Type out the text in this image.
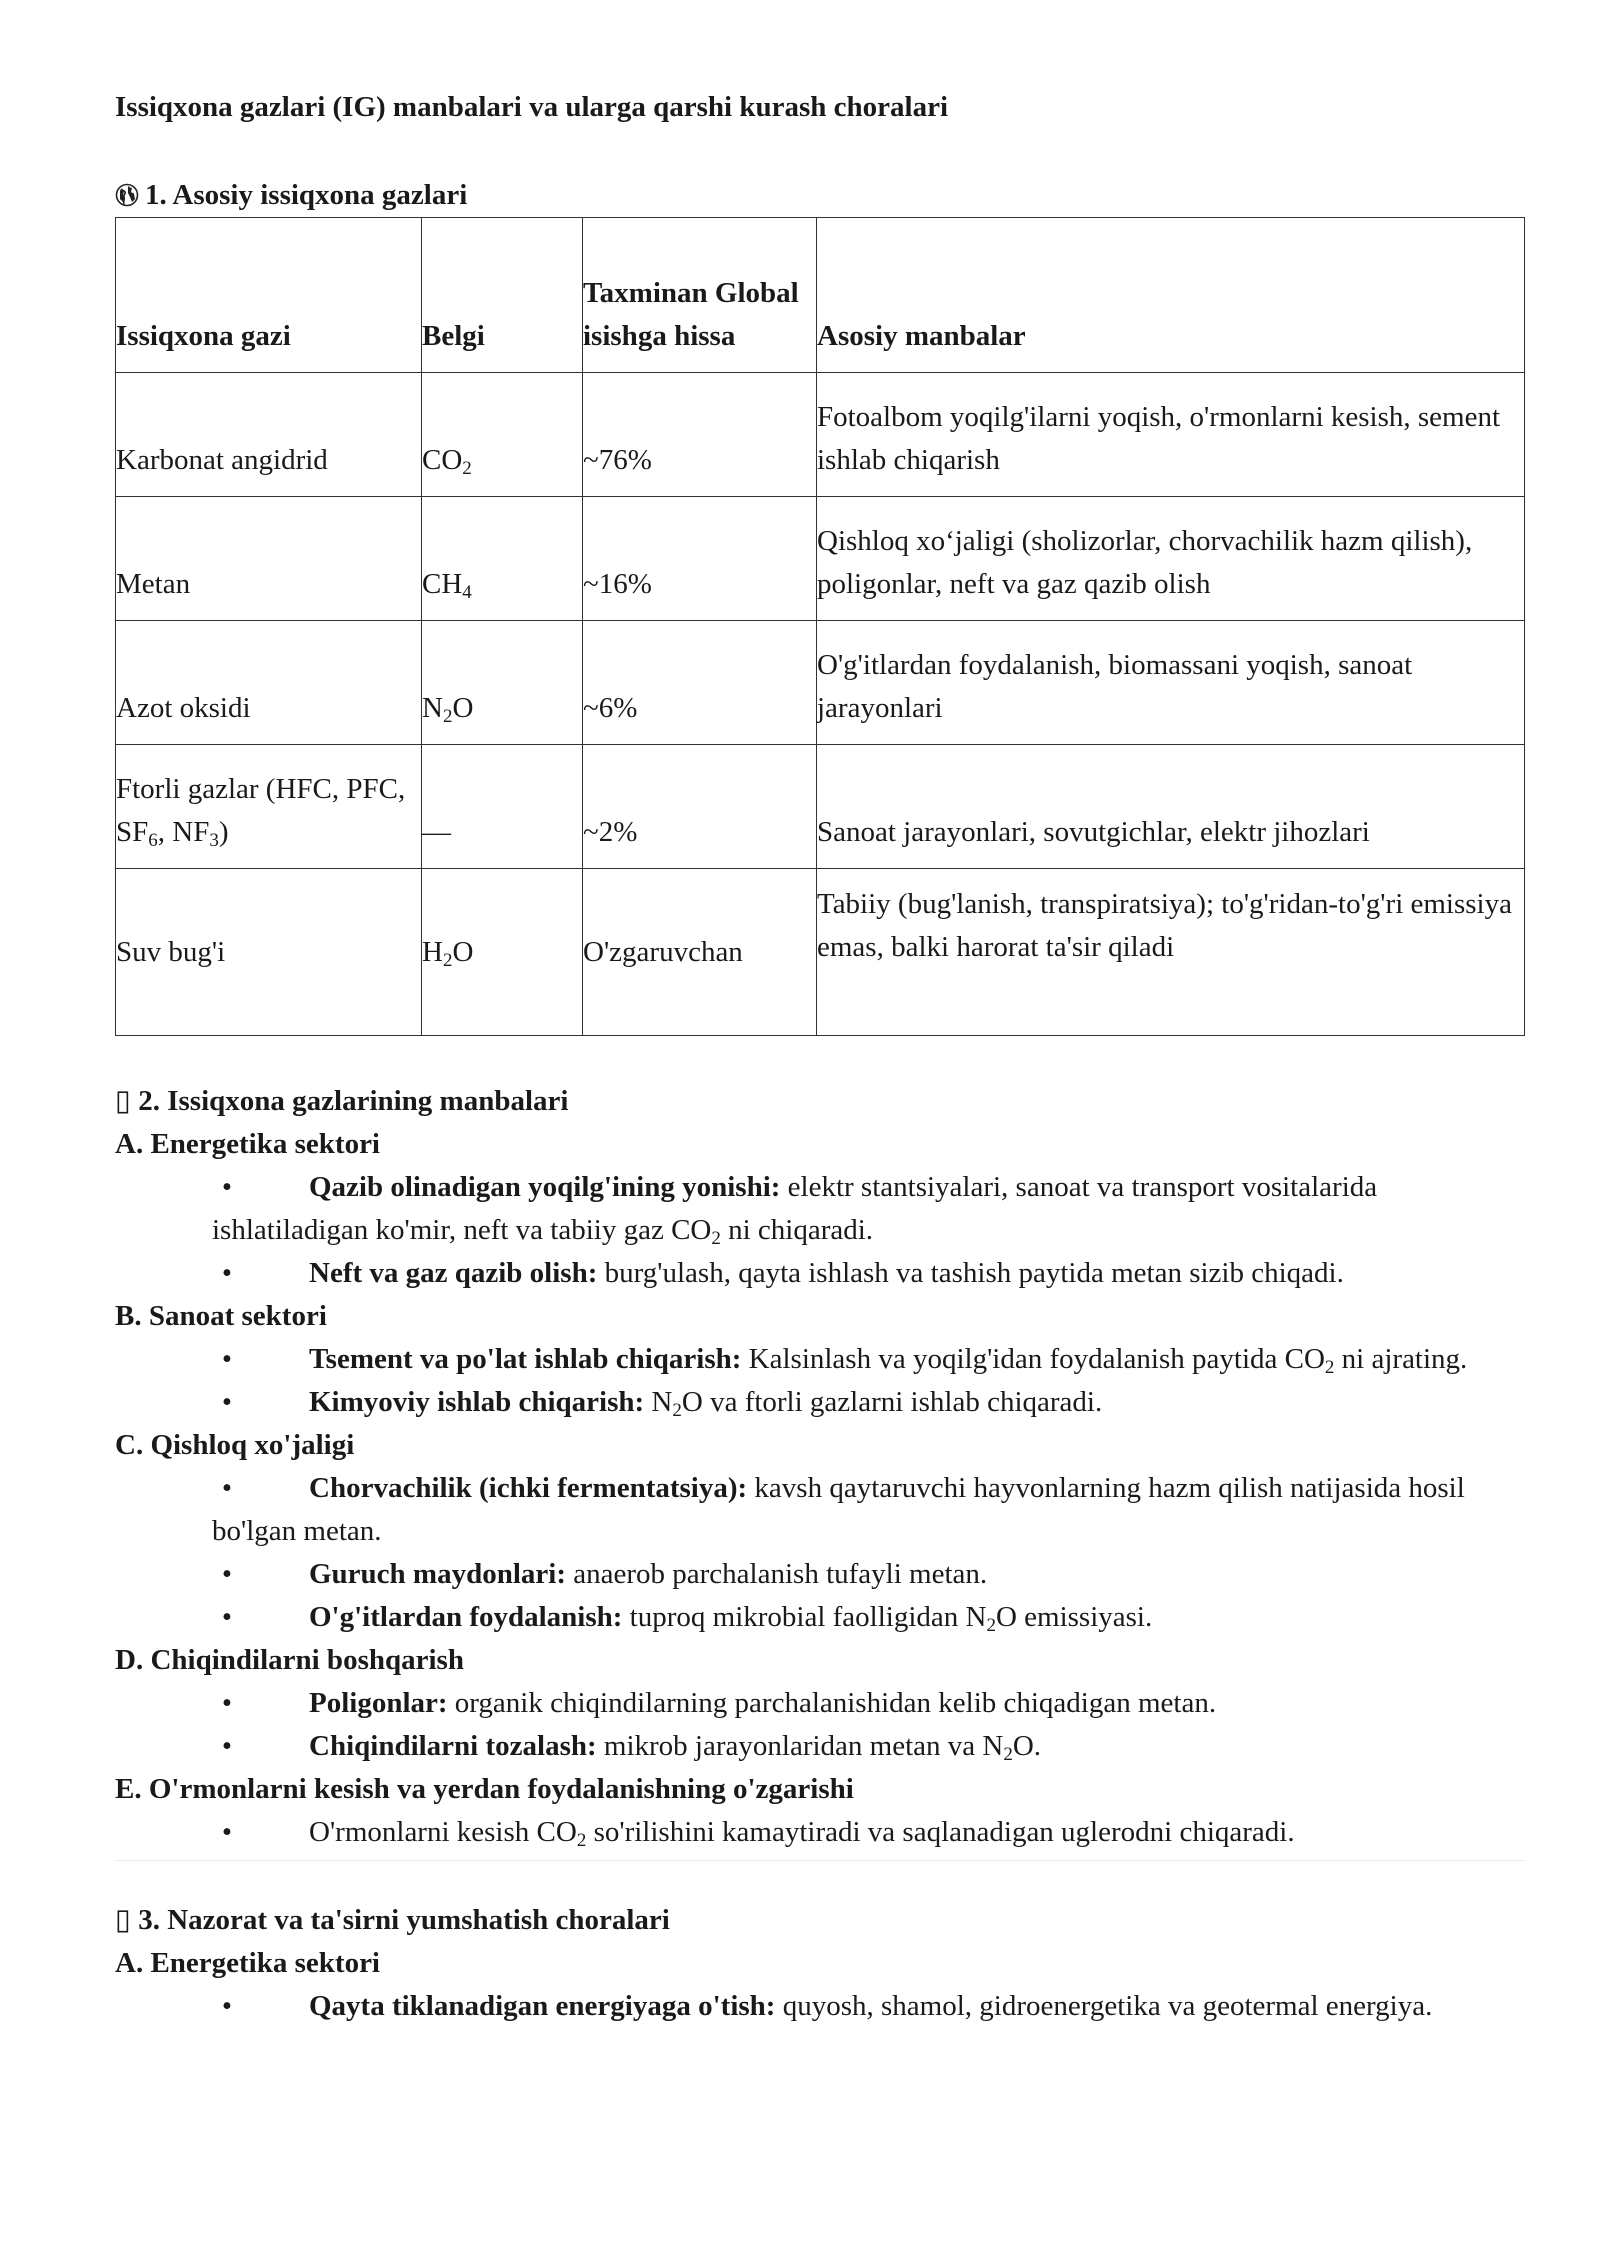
Issiqxona gazlari (IG) manbalari va ularga qarshi kurash choralari

1. Asosiy issiqxona gazlari

Issiqxona gazi	Belgi	Taxminan Global isishga hissa	Asosiy manbalar
Karbonat angidrid	$CO_2$	~76%	Fotoalbom yoqilg'ilarni yoqish, o'rmonlarni kesish, sement ishlab chiqarish
Metan	$CH_4$	~16%	Qishloq xo‘jaligi (sholizorlar, chorvachilik hazm qilish), poligonlar, neft va gaz qazib olish
Azot oksidi	$N_2O$	~6%	O'g'itlardan foydalanish, biomassani yoqish, sanoat jarayonlari
Ftorli gazlar (HFC, PFC, $SF_6$, $NF_3$)	—	~2%	Sanoat jarayonlari, sovutgichlar, elektr jihozlari
Suv bug'i	$H_2O$	O'zgaruvchan	Tabiiy (bug'lanish, transpiratsiya); to'g'ridan-to'g'ri emissiya emas, balki harorat ta'sir qiladi

▯ 2. Issiqxona gazlarining manbalari

A. Energetika sektori

•	Qazib olinadigan yoqilg'ining yonishi: elektr stantsiyalari, sanoat va transport vositalarida ishlatiladigan ko'mir, neft va tabiiy gaz $CO_2$ ni chiqaradi.
•	Neft va gaz qazib olish: burg'ulash, qayta ishlash va tashish paytida metan sizib chiqadi.

B. Sanoat sektori

•	Tsement va po'lat ishlab chiqarish: Kalsinlash va yoqilg'idan foydalanish paytida $CO_2$ ni ajrating.
•	Kimyoviy ishlab chiqarish: $N_2O$ va ftorli gazlarni ishlab chiqaradi.

C. Qishloq xo'jaligi

•	Chorvachilik (ichki fermentatsiya): kavsh qaytaruvchi hayvonlarning hazm qilish natijasida hosil bo'lgan metan.
•	Guruch maydonlari: anaerob parchalanish tufayli metan.
•	O'g'itlardan foydalanish: tuproq mikrobial faolligidan $N_2O$ emissiyasi.

D. Chiqindilarni boshqarish

•	Poligonlar: organik chiqindilarning parchalanishidan kelib chiqadigan metan.
•	Chiqindilarni tozalash: mikrob jarayonlaridan metan va $N_2O$.

E. O'rmonlarni kesish va yerdan foydalanishning o'zgarishi

•	O'rmonlarni kesish $CO_2$ so'rilishini kamaytiradi va saqlanadigan uglerodni chiqaradi.

▯ 3. Nazorat va ta'sirni yumshatish choralari

A. Energetika sektori

•	Qayta tiklanadigan energiyaga o'tish: quyosh, shamol, gidroenergetika va geotermal energiya.
